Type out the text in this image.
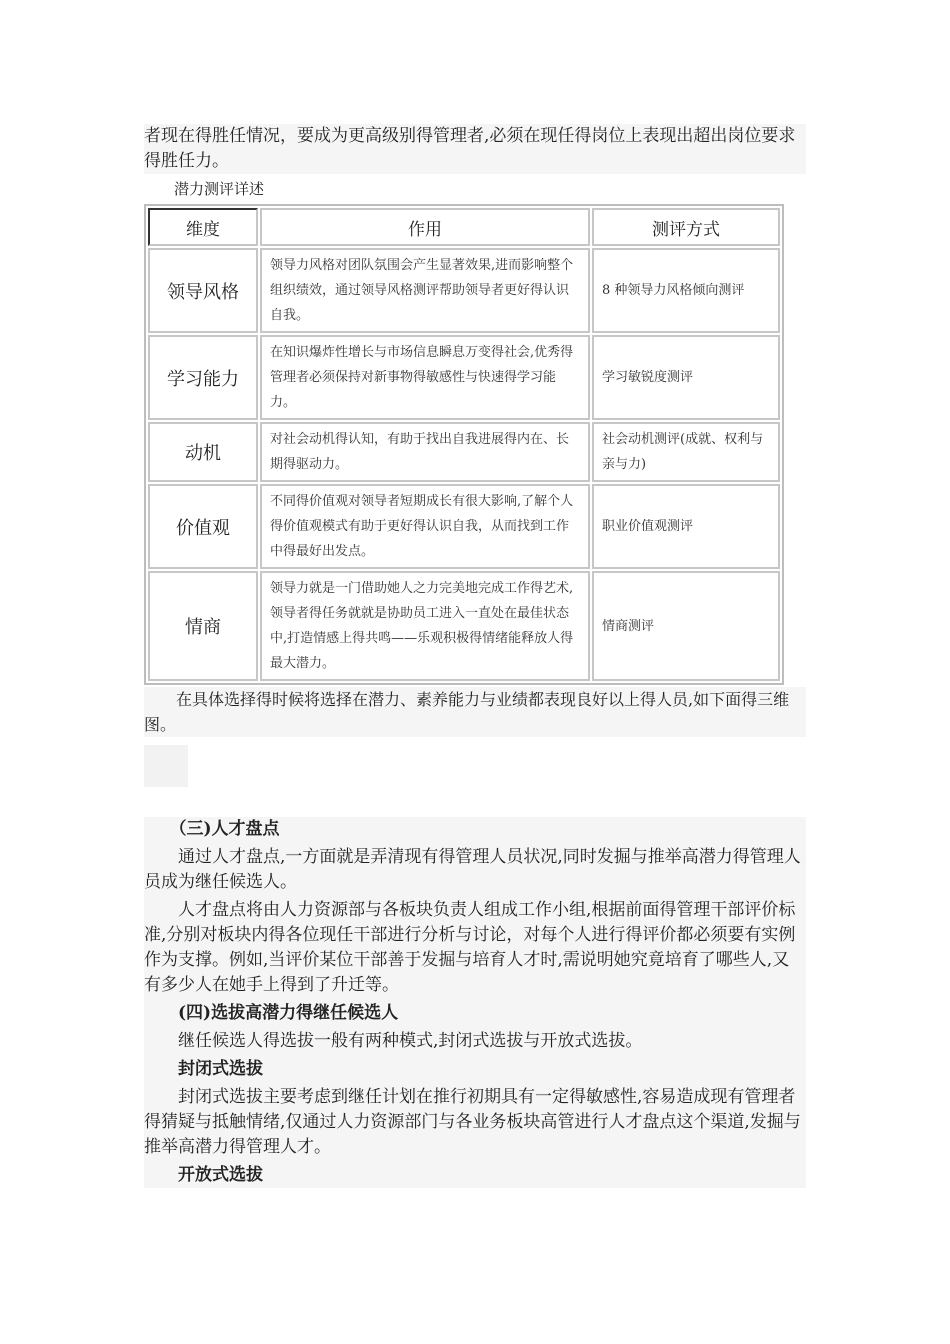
者现在得胜任情况，要成为更高级别得管理者,必须在现任得岗位上表现出超出岗位要求得胜任力。

潜力测评详述

维度	作用	测评方式
领导风格	领导力风格对团队氛围会产生显著效果,进而影响整个组织绩效，通过领导风格测评帮助领导者更好得认识自我。	8 种领导力风格倾向测评
学习能力	在知识爆炸性增长与市场信息瞬息万变得社会,优秀得管理者必须保持对新事物得敏感性与快速得学习能力。	学习敏锐度测评
动机	对社会动机得认知，有助于找出自我进展得内在、长期得驱动力。	社会动机测评(成就、权利与亲与力)
价值观	不同得价值观对领导者短期成长有很大影响,了解个人得价值观模式有助于更好得认识自我，从而找到工作中得最好出发点。	职业价值观测评
情商	领导力就是一门借助她人之力完美地完成工作得艺术,领导者得任务就就是协助员工进入一直处在最佳状态中,打造情感上得共鸣——乐观积极得情绪能释放人得最大潜力。	情商测评

在具体选择得时候将选择在潜力、素养能力与业绩都表现良好以上得人员,如下面得三维图。

（三)人才盘点

通过人才盘点,一方面就是弄清现有得管理人员状况,同时发掘与推举高潜力得管理人员成为继任候选人。

人才盘点将由人力资源部与各板块负责人组成工作小组,根据前面得管理干部评价标准,分别对板块内得各位现任干部进行分析与讨论，对每个人进行得评价都必须要有实例作为支撑。例如,当评价某位干部善于发掘与培育人才时,需说明她究竟培育了哪些人,又有多少人在她手上得到了升迁等。

(四)选拔高潜力得继任候选人

继任候选人得选拔一般有两种模式,封闭式选拔与开放式选拔。

封闭式选拔

封闭式选拔主要考虑到继任计划在推行初期具有一定得敏感性,容易造成现有管理者得猜疑与抵触情绪,仅通过人力资源部门与各业务板块高管进行人才盘点这个渠道,发掘与推举高潜力得管理人才。

开放式选拔
